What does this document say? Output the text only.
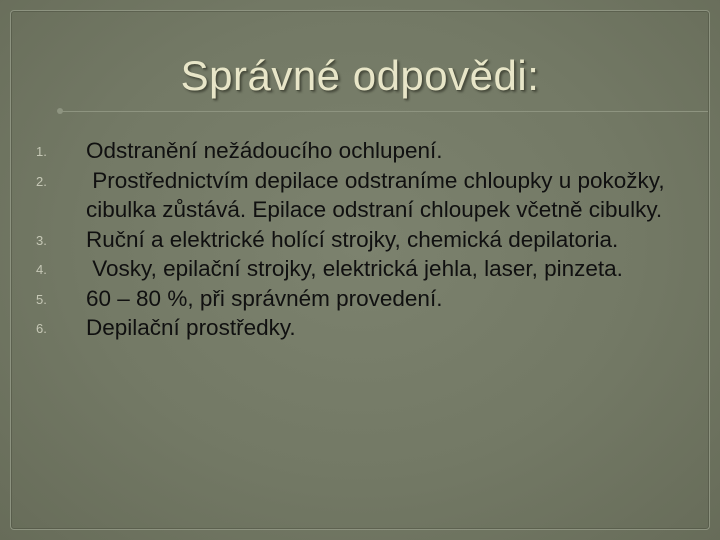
Správné odpovědi:
1.	Odstranění nežádoucího ochlupení.
2.	Prostřednictvím depilace odstraníme chloupky u pokožky, cibulka zůstává. Epilace odstraní chloupek včetně cibulky.
3.	Ruční a elektrické holící strojky, chemická depilatoria.
4.	Vosky, epilační strojky, elektrická jehla, laser, pinzeta.
5.	60 – 80 %, při správném provedení.
6.	Depilační prostředky.
